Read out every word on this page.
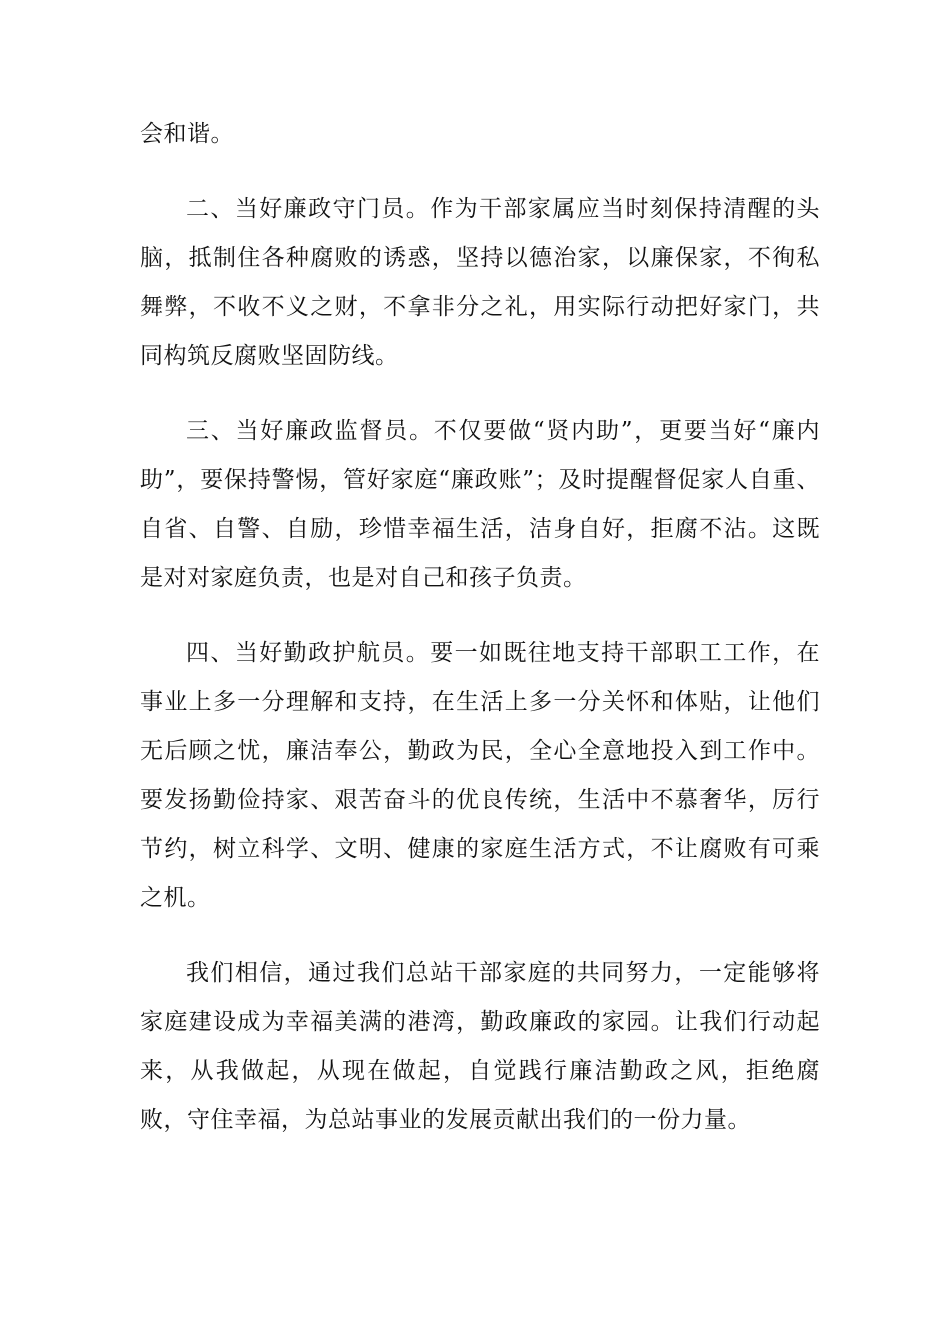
会和谐。

二、当好廉政守门员。作为干部家属应当时刻保持清醒的头脑，抵制住各种腐败的诱惑，坚持以德治家，以廉保家，不徇私舞弊，不收不义之财，不拿非分之礼，用实际行动把好家门，共同构筑反腐败坚固防线。

三、当好廉政监督员。不仅要做“贤内助”，更要当好“廉内助”，要保持警惕，管好家庭“廉政账”；及时提醒督促家人自重、自省、自警、自励，珍惜幸福生活，洁身自好，拒腐不沾。这既是对对家庭负责，也是对自己和孩子负责。

四、当好勤政护航员。要一如既往地支持干部职工工作，在事业上多一分理解和支持，在生活上多一分关怀和体贴，让他们无后顾之忧，廉洁奉公，勤政为民，全心全意地投入到工作中。要发扬勤俭持家、艰苦奋斗的优良传统，生活中不慕奢华，厉行节约，树立科学、文明、健康的家庭生活方式，不让腐败有可乘之机。

我们相信，通过我们总站干部家庭的共同努力，一定能够将家庭建设成为幸福美满的港湾，勤政廉政的家园。让我们行动起来，从我做起，从现在做起，自觉践行廉洁勤政之风，拒绝腐败，守住幸福，为总站事业的发展贡献出我们的一份力量。
